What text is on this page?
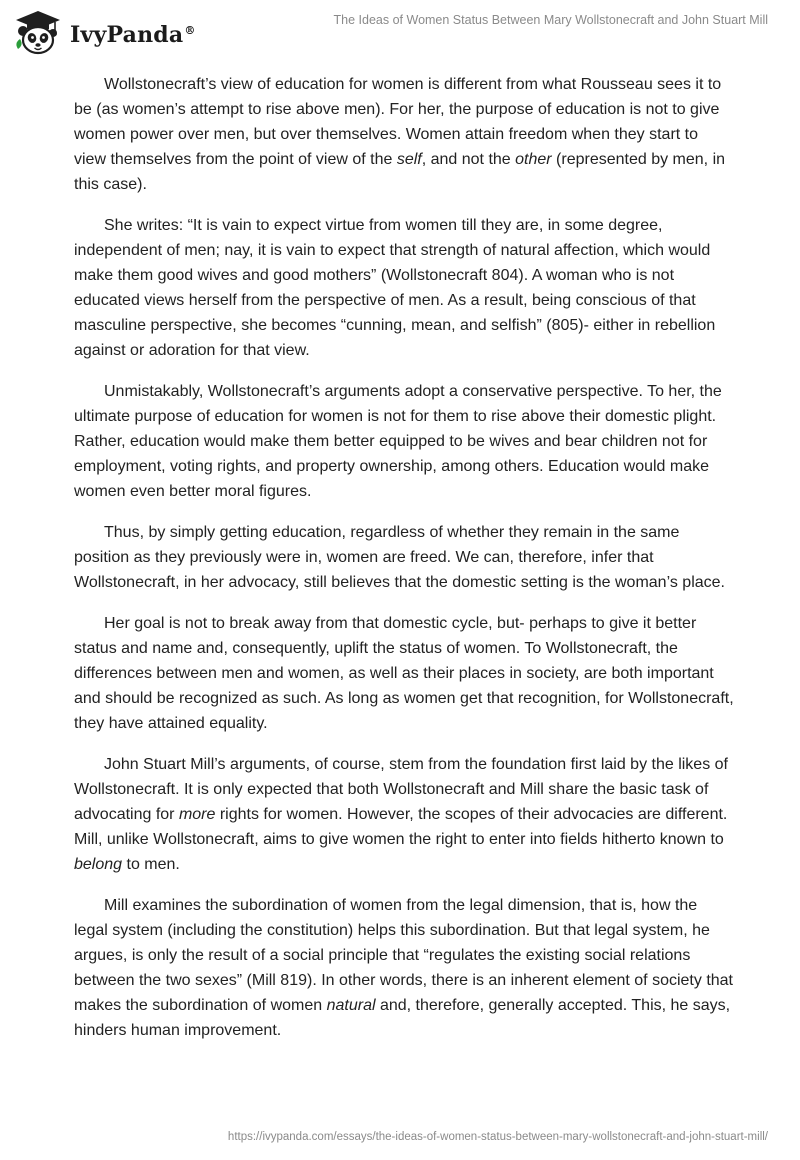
IvyPanda®
The Ideas of Women Status Between Mary Wollstonecraft and John Stuart Mill

Wollstonecraft’s view of education for women is different from what Rousseau sees it to be (as women’s attempt to rise above men). For her, the purpose of education is not to give women power over men, but over themselves. Women attain freedom when they start to view themselves from the point of view of the self, and not the other (represented by men, in this case).

She writes: “It is vain to expect virtue from women till they are, in some degree, independent of men; nay, it is vain to expect that strength of natural affection, which would make them good wives and good mothers” (Wollstonecraft 804). A woman who is not educated views herself from the perspective of men. As a result, being conscious of that masculine perspective, she becomes “cunning, mean, and selfish” (805)- either in rebellion against or adoration for that view.

Unmistakably, Wollstonecraft’s arguments adopt a conservative perspective. To her, the ultimate purpose of education for women is not for them to rise above their domestic plight. Rather, education would make them better equipped to be wives and bear children not for employment, voting rights, and property ownership, among others. Education would make women even better moral figures.

Thus, by simply getting education, regardless of whether they remain in the same position as they previously were in, women are freed. We can, therefore, infer that Wollstonecraft, in her advocacy, still believes that the domestic setting is the woman’s place.

Her goal is not to break away from that domestic cycle, but- perhaps to give it better status and name and, consequently, uplift the status of women. To Wollstonecraft, the differences between men and women, as well as their places in society, are both important and should be recognized as such. As long as women get that recognition, for Wollstonecraft, they have attained equality.

John Stuart Mill’s arguments, of course, stem from the foundation first laid by the likes of Wollstonecraft. It is only expected that both Wollstonecraft and Mill share the basic task of advocating for more rights for women. However, the scopes of their advocacies are different. Mill, unlike Wollstonecraft, aims to give women the right to enter into fields hitherto known to belong to men.

Mill examines the subordination of women from the legal dimension, that is, how the legal system (including the constitution) helps this subordination. But that legal system, he argues, is only the result of a social principle that “regulates the existing social relations between the two sexes” (Mill 819). In other words, there is an inherent element of society that makes the subordination of women natural and, therefore, generally accepted. This, he says, hinders human improvement.

https://ivypanda.com/essays/the-ideas-of-women-status-between-mary-wollstonecraft-and-john-stuart-mill/
